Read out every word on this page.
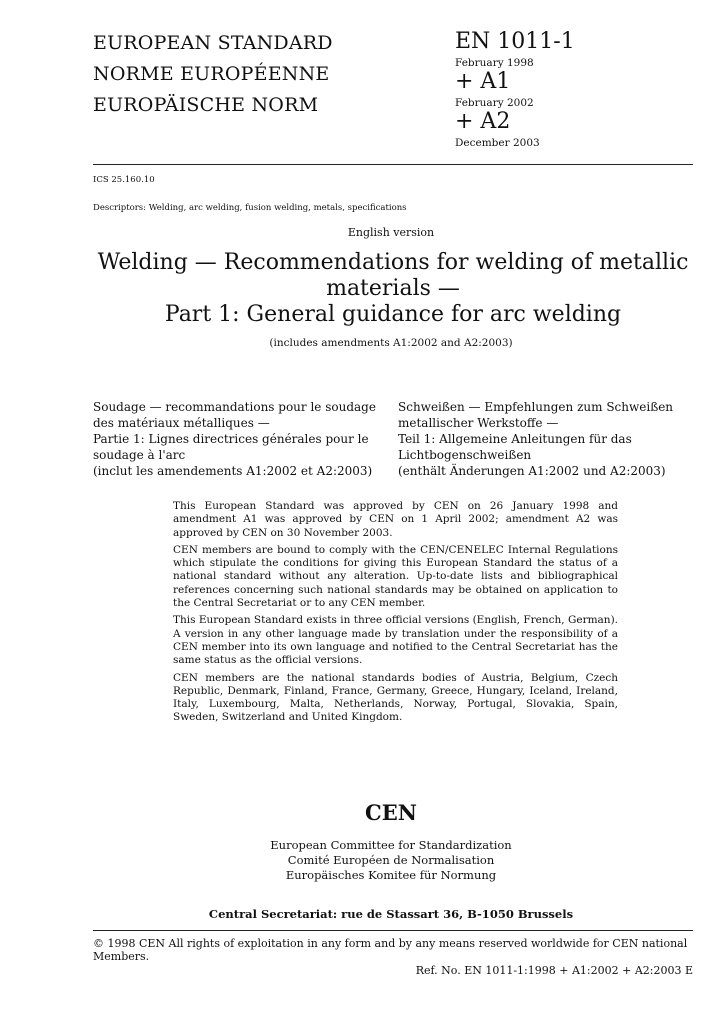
EUROPEAN STANDARD
NORME EUROPÉENNE
EUROPÄISCHE NORM
EN 1011-1
February 1998
+ A1
February 2002
+ A2
December 2003
ICS 25.160.10
Descriptors: Welding, arc welding, fusion welding, metals, specifications
English version
Welding — Recommendations for welding of metallic
materials —
Part 1: General guidance for arc welding
(includes amendments A1:2002 and A2:2003)
Soudage — recommandations pour le soudage
des matériaux métalliques —
Partie 1: Lignes directrices générales pour le
soudage à l'arc
(inclut les amendements A1:2002 et A2:2003)
Schweißen — Empfehlungen zum Schweißen
metallischer Werkstoffe —
Teil 1: Allgemeine Anleitungen für das
Lichtbogenschweißen
(enthält Änderungen A1:2002 und A2:2003)

This European Standard was approved by CEN on 26 January 1998 and amendment A1 was approved by CEN on 1 April 2002; amendment A2 was approved by CEN on 30 November 2003.

CEN members are bound to comply with the CEN/CENELEC Internal Regulations which stipulate the conditions for giving this European Standard the status of a national standard without any alteration. Up-to-date lists and bibliographical references concerning such national standards may be obtained on application to the Central Secretariat or to any CEN member.

This European Standard exists in three official versions (English, French, German). A version in any other language made by translation under the responsibility of a CEN member into its own language and notified to the Central Secretariat has the same status as the official versions.

CEN members are the national standards bodies of Austria, Belgium, Czech Republic, Denmark, Finland, France, Germany, Greece, Hungary, Iceland, Ireland, Italy, Luxembourg, Malta, Netherlands, Norway, Portugal, Slovakia, Spain, Sweden, Switzerland and United Kingdom.

CEN
European Committee for Standardization
Comité Européen de Normalisation
Europäisches Komitee für Normung
Central Secretariat: rue de Stassart 36, B-1050 Brussels
© 1998 CEN All rights of exploitation in any form and by any means reserved worldwide for CEN national Members.
Ref. No. EN 1011-1:1998 + A1:2002 + A2:2003 E
